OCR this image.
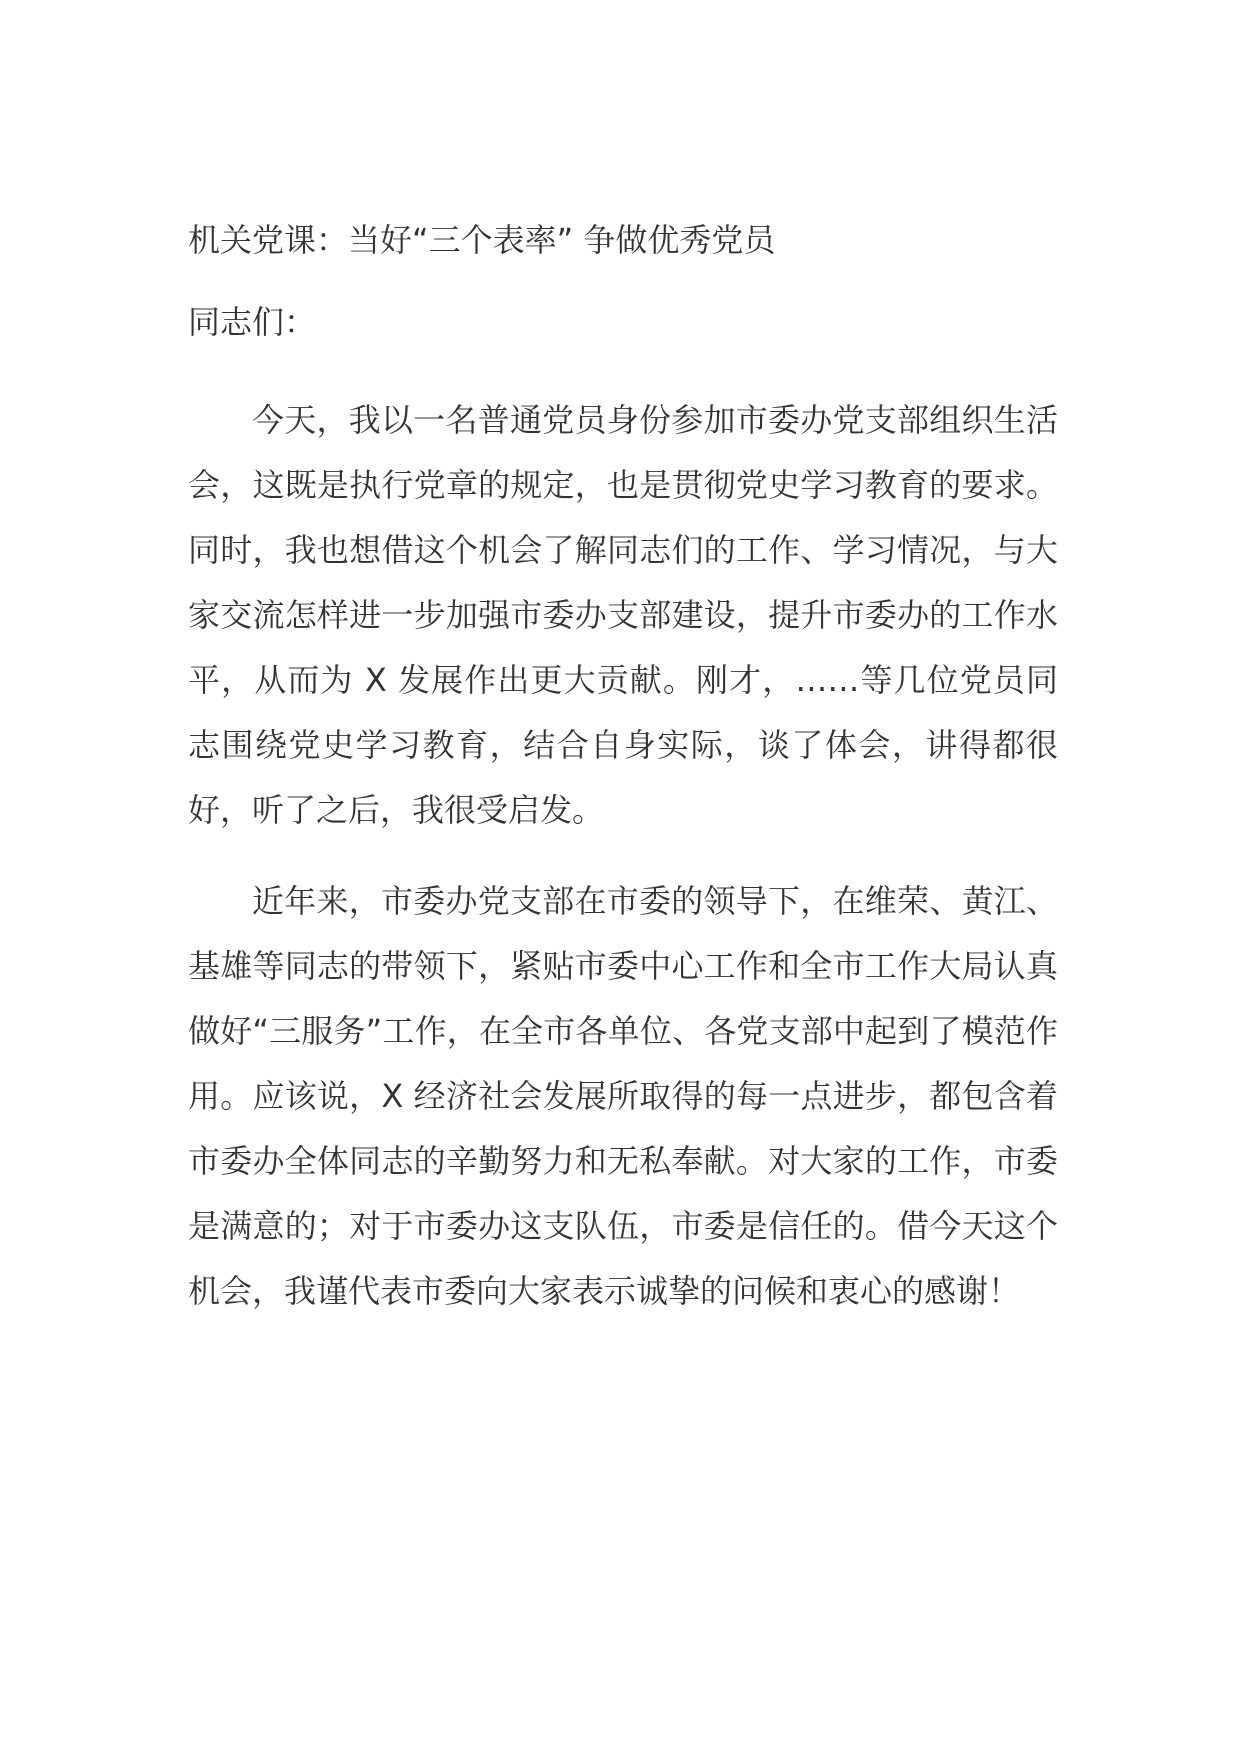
机关党课：当好“三个表率” 争做优秀党员
同志们：

今天，我以一名普通党员身份参加市委办党支部组织生活会，这既是执行党章的规定，也是贯彻党史学习教育的要求。同时，我也想借这个机会了解同志们的工作、学习情况，与大家交流怎样进一步加强市委办支部建设，提升市委办的工作水平，从而为 X 发展作出更大贡献。刚才，……等几位党员同志围绕党史学习教育，结合自身实际，谈了体会，讲得都很好，听了之后，我很受启发。

近年来，市委办党支部在市委的领导下，在维荣、黄江、基雄等同志的带领下，紧贴市委中心工作和全市工作大局认真做好“三服务”工作，在全市各单位、各党支部中起到了模范作用。应该说，X 经济社会发展所取得的每一点进步，都包含着市委办全体同志的辛勤努力和无私奉献。对大家的工作，市委是满意的；对于市委办这支队伍，市委是信任的。借今天这个机会，我谨代表市委向大家表示诚挚的问候和衷心的感谢！
